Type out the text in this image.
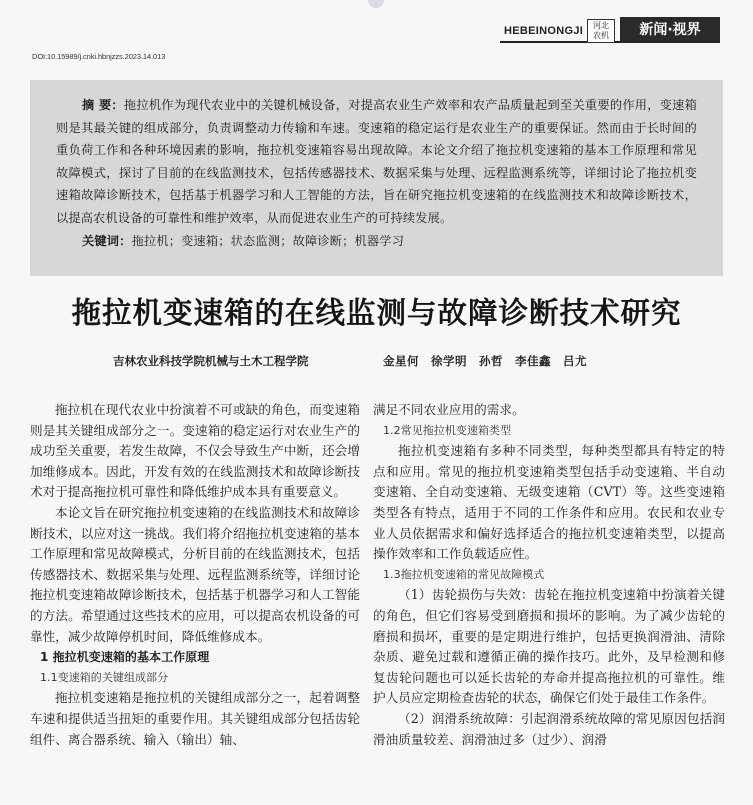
HEBEINONGJI	河北
农机	新闻·视界
DOI:10.15989/j.cnki.hbnjzzs.2023.14.013

摘 要：拖拉机作为现代农业中的关键机械设备，对提高农业生产效率和农产品质量起到至关重要的作用，变速箱则是其最关键的组成部分，负责调整动力传输和车速。变速箱的稳定运行是农业生产的重要保证。然而由于长时间的重负荷工作和各种环境因素的影响，拖拉机变速箱容易出现故障。本论文介绍了拖拉机变速箱的基本工作原理和常见故障模式，探讨了目前的在线监测技术，包括传感器技术、数据采集与处理、远程监测系统等，详细讨论了拖拉机变速箱故障诊断技术，包括基于机器学习和人工智能的方法，旨在研究拖拉机变速箱的在线监测技术和故障诊断技术，以提高农机设备的可靠性和维护效率，从而促进农业生产的可持续发展。

关键词：拖拉机；变速箱；状态监测；故障诊断；机器学习

拖拉机变速箱的在线监测与故障诊断技术研究
吉林农业科技学院机械与土木工程学院	金星何　徐学明　孙哲　李佳鑫　吕尤

拖拉机在现代农业中扮演着不可或缺的角色，而变速箱则是其关键组成部分之一。变速箱的稳定运行对农业生产的成功至关重要，若发生故障，不仅会导致生产中断，还会增加维修成本。因此，开发有效的在线监测技术和故障诊断技术对于提高拖拉机可靠性和降低维护成本具有重要意义。

本论文旨在研究拖拉机变速箱的在线监测技术和故障诊断技术，以应对这一挑战。我们将介绍拖拉机变速箱的基本工作原理和常见故障模式，分析目前的在线监测技术，包括传感器技术、数据采集与处理、远程监测系统等，详细讨论拖拉机变速箱故障诊断技术，包括基于机器学习和人工智能的方法。希望通过这些技术的应用，可以提高农机设备的可靠性，减少故障停机时间，降低维修成本。

1 拖拉机变速箱的基本工作原理

1.1变速箱的关键组成部分

拖拉机变速箱是拖拉机的关键组成部分之一，起着调整车速和提供适当扭矩的重要作用。其关键组成部分包括齿轮组件、离合器系统、输入（输出）轴、

满足不同农业应用的需求。

1.2常见拖拉机变速箱类型

拖拉机变速箱有多种不同类型，每种类型都具有特定的特点和应用。常见的拖拉机变速箱类型包括手动变速箱、半自动变速箱、全自动变速箱、无级变速箱（CVT）等。这些变速箱类型各有特点，适用于不同的工作条件和应用。农民和农业专业人员依据需求和偏好选择适合的拖拉机变速箱类型，以提高操作效率和工作负载适应性。

1.3拖拉机变速箱的常见故障模式

（1）齿轮损伤与失效：齿轮在拖拉机变速箱中扮演着关键的角色，但它们容易受到磨损和损坏的影响。为了减少齿轮的磨损和损坏，重要的是定期进行维护，包括更换润滑油、清除杂质、避免过载和遵循正确的操作技巧。此外，及早检测和修复齿轮问题也可以延长齿轮的寿命并提高拖拉机的可靠性。维护人员应定期检查齿轮的状态，确保它们处于最佳工作条件。

（2）润滑系统故障：引起润滑系统故障的常见原因包括润滑油质量较差、润滑油过多（过少）、润滑
